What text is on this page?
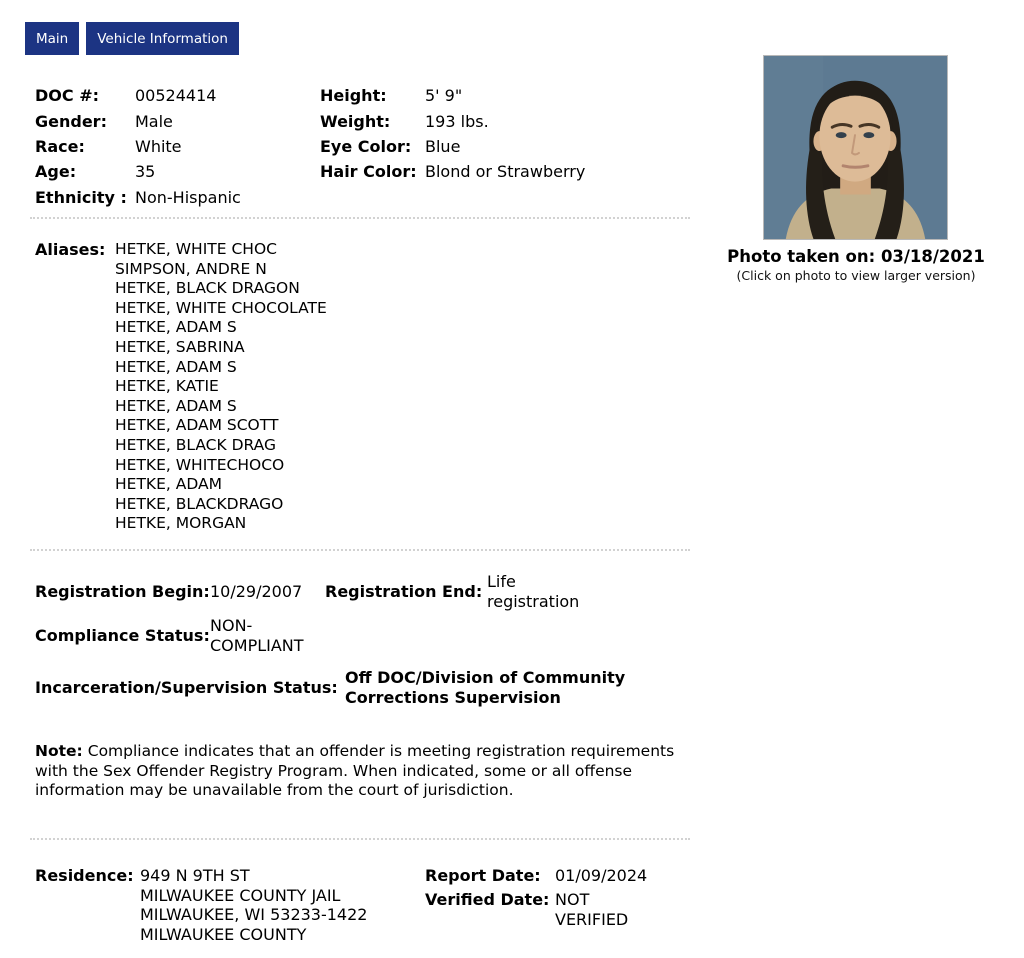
Main	Vehicle Information
DOC #:	00524414
Gender:	Male
Race:	White
Age:	35
Ethnicity : Non-Hispanic
Height:	5' 9"
Weight:	193 lbs.
Eye Color: Blue
Hair Color: Blond or Strawberry
Aliases: HETKE, WHITE CHOC
SIMPSON, ANDRE N
HETKE, BLACK DRAGON
HETKE, WHITE CHOCOLATE
HETKE, ADAM S
HETKE, SABRINA
HETKE, ADAM S
HETKE, KATIE
HETKE, ADAM S
HETKE, ADAM SCOTT
HETKE, BLACK DRAG
HETKE, WHITECHOCO
HETKE, ADAM
HETKE, BLACKDRAGO
HETKE, MORGAN
Registration Begin: 10/29/2007	Registration End:
Life registration
Compliance Status:
NON-COMPLIANT
Incarceration/Supervision Status:
Off DOC/Division of Community Corrections Supervision
Note: Compliance indicates that an offender is meeting registration requirements with the Sex Offender Registry Program. When indicated, some or all offense information may be unavailable from the court of jurisdiction.
Residence: 949 N 9TH ST
MILWAUKEE COUNTY JAIL
MILWAUKEE, WI 53233-1422
MILWAUKEE COUNTY
Report Date: 01/09/2024
Verified Date: NOT VERIFIED
Photo taken on: 03/18/2021
(Click on photo to view larger version)
